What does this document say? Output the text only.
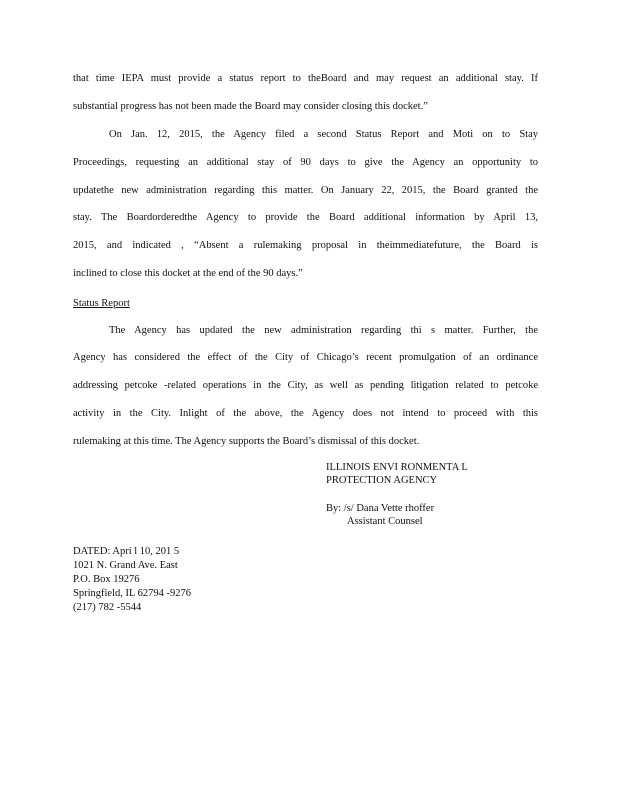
that time IEPA must provide a status report to theBoard and may request an additional stay. If
substantial progress has not been made the Board may consider closing this docket.”
On Jan. 12, 2015, the Agency filed a second Status Report and Moti on to Stay
Proceedings, requesting an additional stay of 90 days to give the Agency an opportunity to
updatethe new administration regarding this matter. On January 22, 2015, the Board granted the
stay. The Boardorderedthe Agency to provide the Board additional information by April 13,
2015, and indicated , “Absent a rulemaking proposal in theimmediatefuture, the Board is
inclined to close this docket at the end of the 90 days.”
Status Report
The Agency has updated the new administration regarding thi s matter. Further, the
Agency has considered the effect of the City of Chicago’s recent promulgation of an ordinance
addressing petcoke -related operations in the City, as well as pending litigation related to petcoke
activity in the City. Inlight of the above, the Agency does not intend to proceed with this
rulemaking at this time. The Agency supports the Board’s dismissal of this docket.
ILLINOIS ENVI RONMENTA L
PROTECTION AGENCY
By: /s/ Dana Vette rhoffer
Assistant Counsel
DATED: Apri l 10, 201 5
1021 N. Grand Ave. East
P.O. Box 19276
Springfield, IL 62794 -9276
(217) 782 -5544
